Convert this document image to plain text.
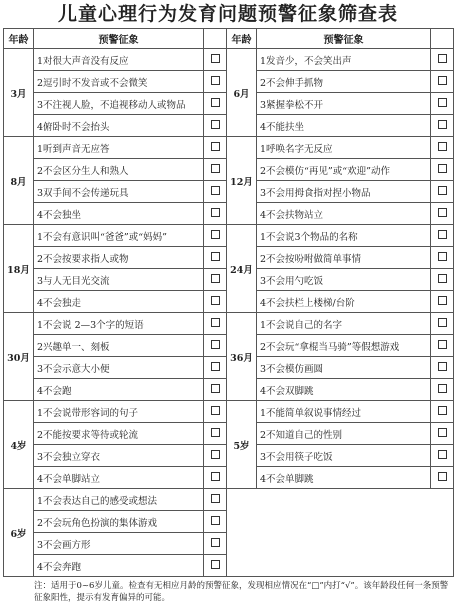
儿童心理行为发育问题预警征象筛查表
年龄	预警征象		年龄	预警征象	
3月	1对很大声音没有反应		6月	1发音少，不会笑出声	
	2逗引时不发音或不会微笑			2不会伸手抓物	
	3不注视人脸，不追视移动人或物品			3紧握拳松不开	
	4俯卧时不会抬头			4不能扶坐	
8月	1听到声音无应答		12月	1呼唤名字无反应	
	2不会区分生人和熟人			2不会模仿“再见”或“欢迎”动作	
	3双手间不会传递玩具			3不会用拇食指对捏小物品	
	4不会独坐			4不会扶物站立	
18月	1不会有意识叫“爸爸”或“妈妈”		24月	1不会说3个物品的名称	
	2不会按要求指人或物			2不会按吩咐做简单事情	
	3与人无目光交流			3不会用勺吃饭	
	4不会独走			4不会扶栏上楼梯/台阶	
30月	1不会说 2—3个字的短语		36月	1不会说自己的名字	
	2兴趣单一、刻板			2不会玩“拿棍当马骑”等假想游戏	
	3不会示意大小便			3不会模仿画圆	
	4不会跑			4不会双脚跳	
4岁	1不会说带形容词的句子		5岁	1不能简单叙说事情经过	
	2不能按要求等待或轮流			2不知道自己的性别	
	3不会独立穿衣			3不会用筷子吃饭	
	4不会单脚站立			4不会单脚跳	
6岁	1不会表达自己的感受或想法				
	2不会玩角色扮演的集体游戏				
	3不会画方形				
	4不会奔跑				
注：适用于0~6岁儿童。检查有无相应月龄的预警征象，发现相应情况在“□”内打“√”。该年龄段任何一条预警征象阳性，提示有发育偏异的可能。
